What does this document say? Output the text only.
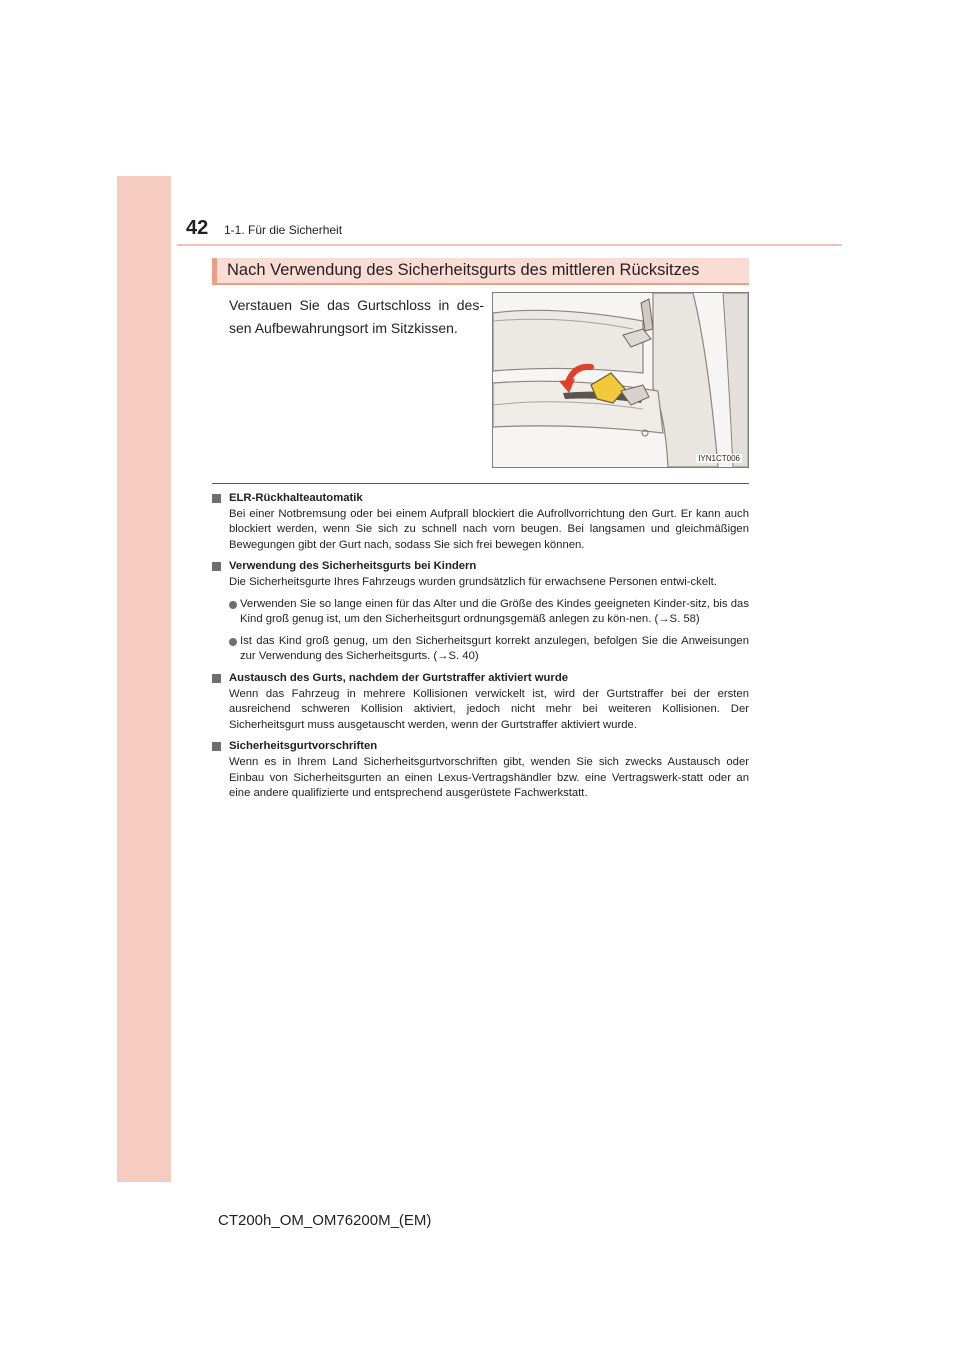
42 1-1. Für die Sicherheit
Nach Verwendung des Sicherheitsgurts des mittleren Rücksitzes
Verstauen Sie das Gurtschloss in des-sen Aufbewahrungsort im Sitzkissen.
IYN1CT006
ELR-Rückhalteautomatik
Bei einer Notbremsung oder bei einem Aufprall blockiert die Aufrollvorrichtung den Gurt. Er kann auch blockiert werden, wenn Sie sich zu schnell nach vorn beugen. Bei langsamen und gleichmäßigen Bewegungen gibt der Gurt nach, sodass Sie sich frei bewegen können.
Verwendung des Sicherheitsgurts bei Kindern
Die Sicherheitsgurte Ihres Fahrzeugs wurden grundsätzlich für erwachsene Personen entwi-ckelt.
Verwenden Sie so lange einen für das Alter und die Größe des Kindes geeigneten Kinder-sitz, bis das Kind groß genug ist, um den Sicherheitsgurt ordnungsgemäß anlegen zu kön-nen. (→S. 58)
Ist das Kind groß genug, um den Sicherheitsgurt korrekt anzulegen, befolgen Sie die Anweisungen zur Verwendung des Sicherheitsgurts. (→S. 40)
Austausch des Gurts, nachdem der Gurtstraffer aktiviert wurde
Wenn das Fahrzeug in mehrere Kollisionen verwickelt ist, wird der Gurtstraffer bei der ersten ausreichend schweren Kollision aktiviert, jedoch nicht mehr bei weiteren Kollisionen. Der Sicherheitsgurt muss ausgetauscht werden, wenn der Gurtstraffer aktiviert wurde.
Sicherheitsgurtvorschriften
Wenn es in Ihrem Land Sicherheitsgurtvorschriften gibt, wenden Sie sich zwecks Austausch oder Einbau von Sicherheitsgurten an einen Lexus-Vertragshändler bzw. eine Vertragswerk-statt oder an eine andere qualifizierte und entsprechend ausgerüstete Fachwerkstatt.
CT200h_OM_OM76200M_(EM)
